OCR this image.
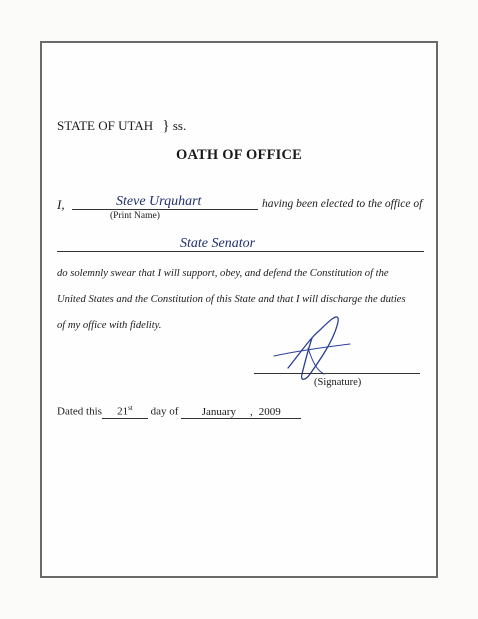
STATE OF UTAH } ss.
OATH OF OFFICE
I,	Steve Urquhart
(Print Name)
having been elected to the office of
State Senator
do solemnly swear that I will support, obey, and defend the Constitution of the
United States and the Constitution of this State and that I will discharge the duties
of my office with fidelity.
(Signature)
Dated this 21st day of January , 2009
